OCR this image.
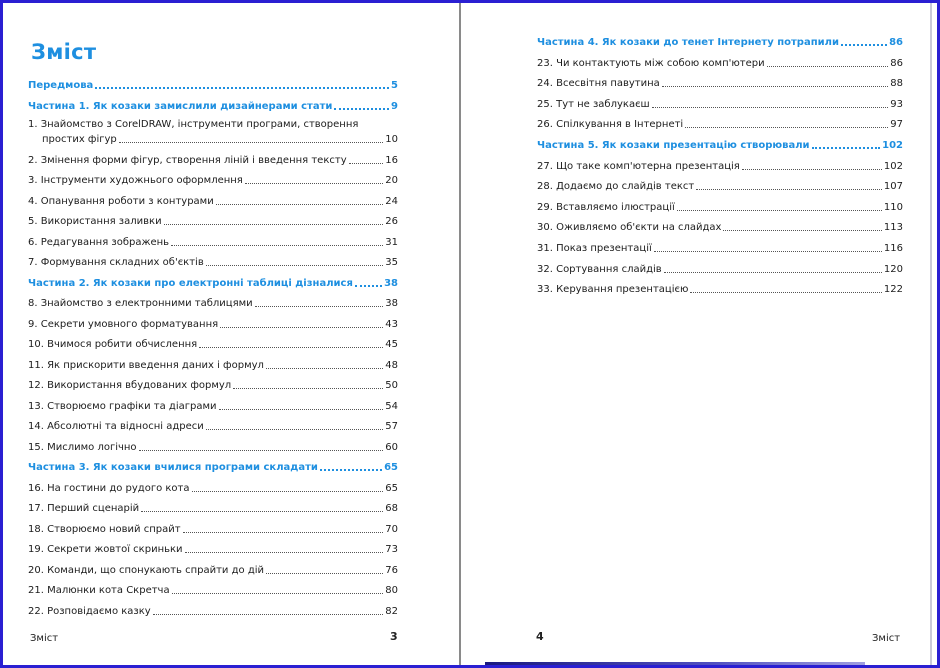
Зміст
Передмова	5
Частина 1. Як козаки замислили дизайнерами стати	9
1. Знайомство з CorelDRAW, інструменти програми, створення
простих фігур	10
2. Змінення форми фігур, створення ліній і введення тексту	16
3. Інструменти художнього оформлення	20
4. Опанування роботи з контурами	24
5. Використання заливки	26
6. Редагування зображень	31
7. Формування складних об'єктів	35
Частина 2. Як козаки про електронні таблиці дізналися	38
8. Знайомство з електронними таблицями	38
9. Секрети умовного форматування	43
10. Вчимося робити обчислення	45
11. Як прискорити введення даних і формул	48
12. Використання вбудованих формул	50
13. Створюємо графіки та діаграми	54
14. Абсолютні та відносні адреси	57
15. Мислимо логічно	60
Частина 3. Як козаки вчилися програми складати	65
16. На гостини до рудого кота	65
17. Перший сценарій	68
18. Створюємо новий спрайт	70
19. Секрети жовтої скриньки	73
20. Команди, що спонукають спрайти до дій	76
21. Малюнки кота Скретча	80
22. Розповідаємо казку	82
Зміст	3
Частина 4. Як козаки до тенет Інтернету потрапили	86
23. Чи контактують між собою комп'ютери	86
24. Всесвітня павутина	88
25. Тут не заблукаєш	93
26. Спілкування в Інтернеті	97
Частина 5. Як козаки презентацію створювали	102
27. Що таке комп'ютерна презентація	102
28. Додаємо до слайдів текст	107
29. Вставляємо ілюстрації	110
30. Оживляємо об'єкти на слайдах	113
31. Показ презентації	116
32. Сортування слайдів	120
33. Керування презентацією	122
4	Зміст
